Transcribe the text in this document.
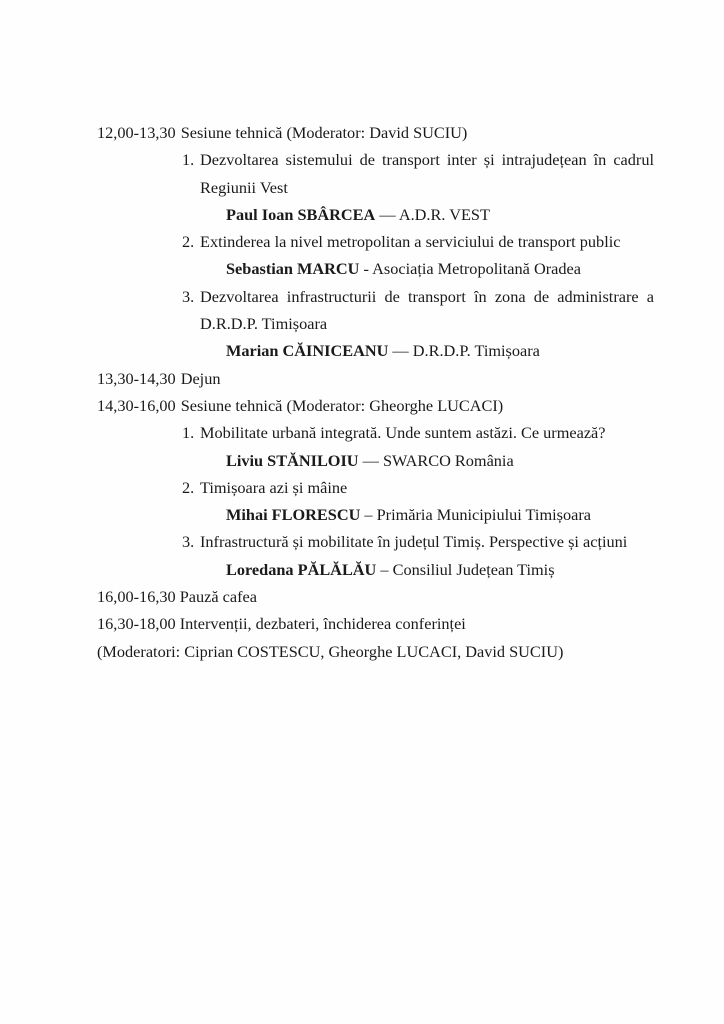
12,00-13,30 Sesiune tehnică (Moderator: David SUCIU)
1. Dezvoltarea sistemului de transport inter și intrajudețean în cadrul
Regiunii Vest
Paul Ioan SBÂRCEA — A.D.R. VEST
2. Extinderea la nivel metropolitan a serviciului de transport public
Sebastian MARCU - Asociația Metropolitană Oradea
3. Dezvoltarea infrastructurii de transport în zona de administrare a
D.R.D.P. Timișoara
Marian CĂINICEANU — D.R.D.P. Timișoara
13,30-14,30 Dejun
14,30-16,00 Sesiune tehnică (Moderator: Gheorghe LUCACI)
1. Mobilitate urbană integrată. Unde suntem astăzi. Ce urmează?
Liviu STĂNILOIU — SWARCO România
2. Timișoara azi și mâine
Mihai FLORESCU – Primăria Municipiului Timișoara
3. Infrastructură și mobilitate în județul Timiș. Perspective și acțiuni
Loredana PĂLĂLĂU – Consiliul Județean Timiș
16,00-16,30 Pauză cafea
16,30-18,00 Intervenții, dezbateri, închiderea conferinței
(Moderatori: Ciprian COSTESCU, Gheorghe LUCACI, David SUCIU)
